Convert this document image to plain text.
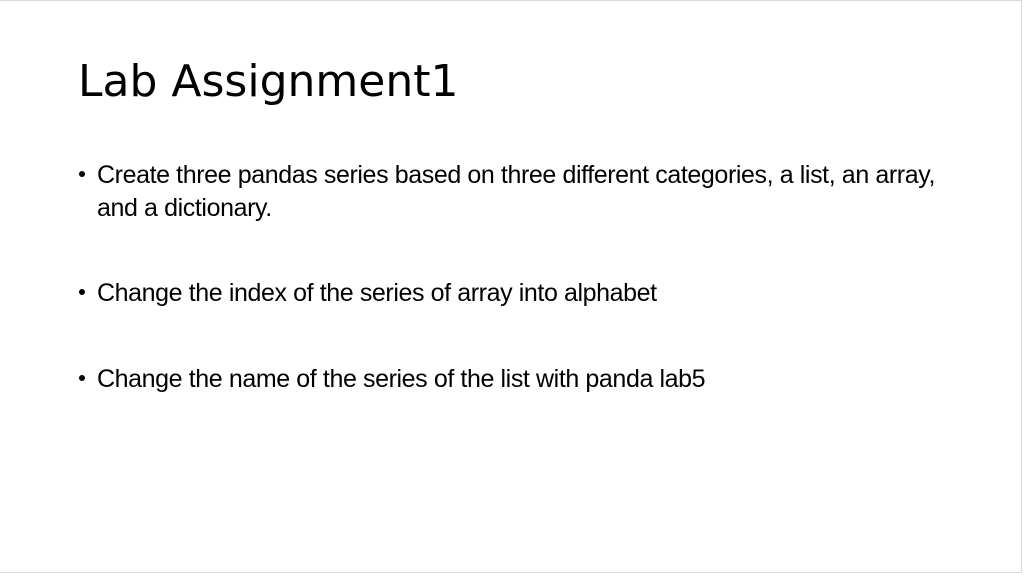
Lab Assignment1
Create three pandas series based on three different categories, a list, an array, and a dictionary.
Change the index of the series of array into alphabet
Change the name of the series of the list with panda lab5
